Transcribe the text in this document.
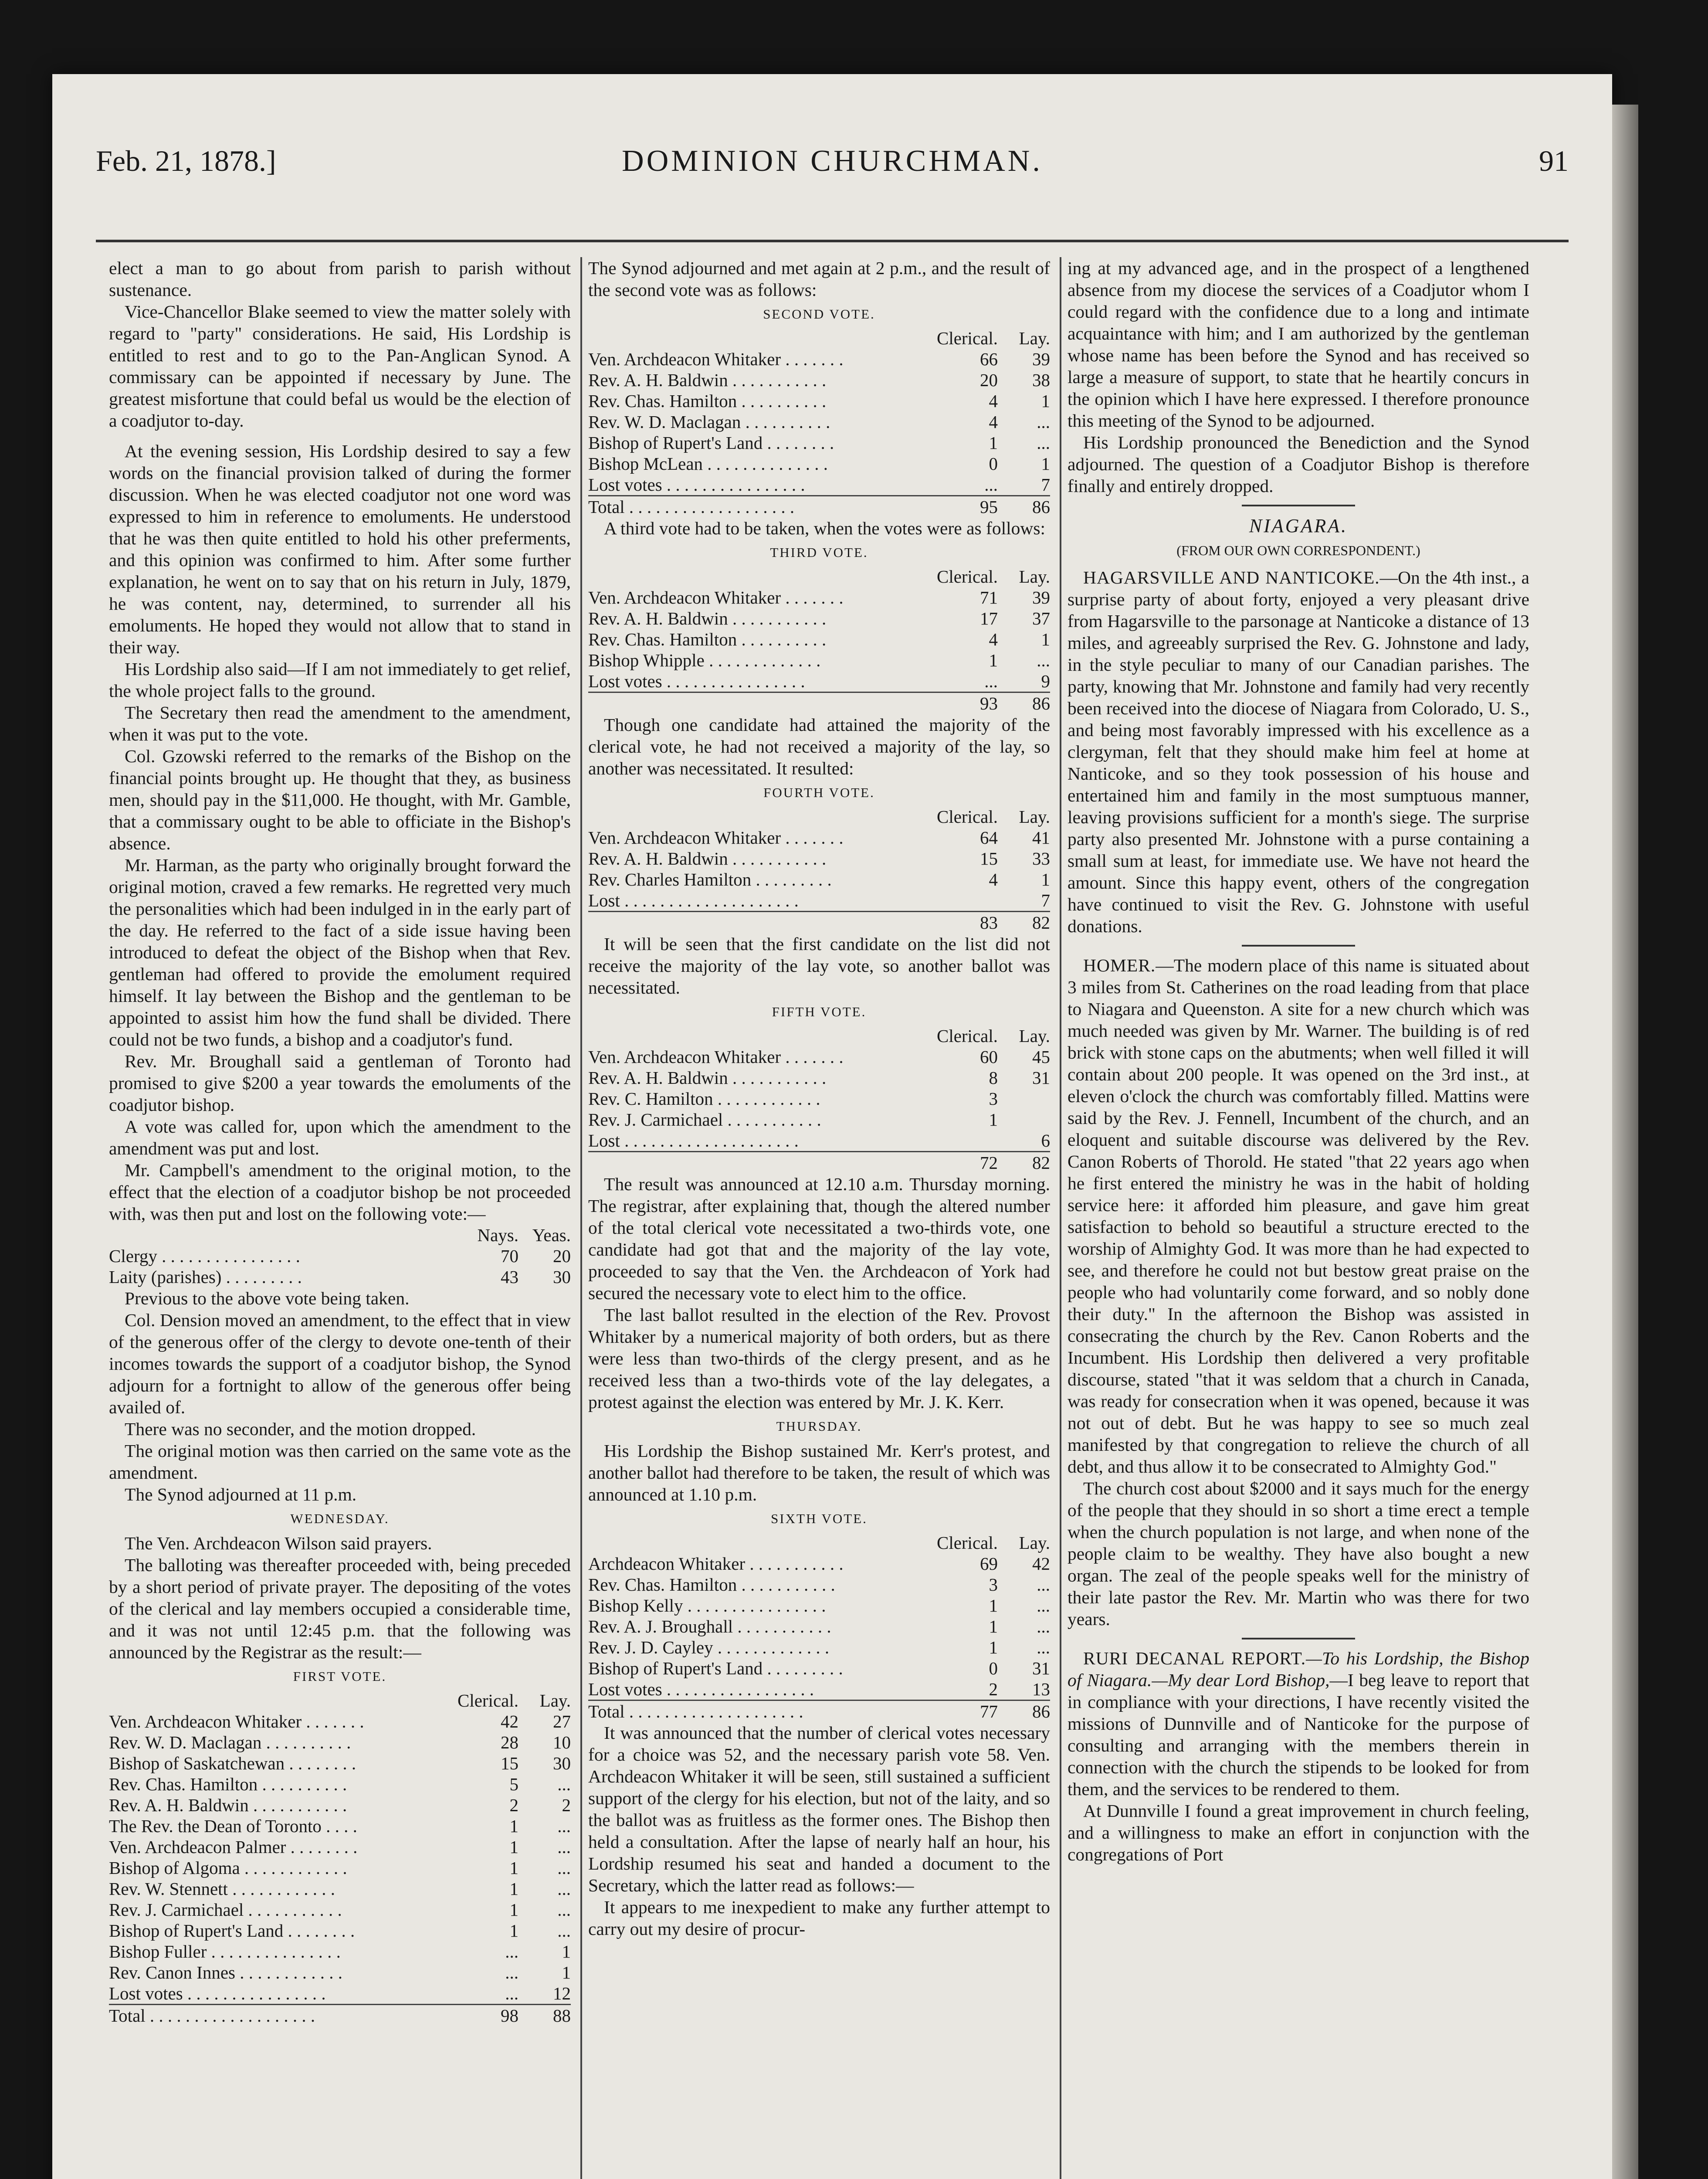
Feb. 21, 1878.]	DOMINION CHURCHMAN.	91

elect a man to go about from parish to parish without sustenance.

Vice-Chancellor Blake seemed to view the matter solely with regard to "party" considerations. He said, His Lordship is entitled to rest and to go to the Pan-Anglican Synod. A commissary can be appointed if necessary by June. The greatest misfortune that could befal us would be the election of a coadjutor to-day.

At the evening session, His Lordship desired to say a few words on the financial provision talked of during the former discussion. When he was elected coadjutor not one word was expressed to him in reference to emoluments. He understood that he was then quite entitled to hold his other preferments, and this opinion was confirmed to him. After some further explanation, he went on to say that on his return in July, 1879, he was content, nay, determined, to surrender all his emoluments. He hoped they would not allow that to stand in their way.

His Lordship also said—If I am not immediately to get relief, the whole project falls to the ground.

The Secretary then read the amendment to the amendment, when it was put to the vote.

Col. Gzowski referred to the remarks of the Bishop on the financial points brought up. He thought that they, as business men, should pay in the $11,000. He thought, with Mr. Gamble, that a commissary ought to be able to officiate in the Bishop's absence.

Mr. Harman, as the party who originally brought forward the original motion, craved a few remarks. He regretted very much the personalities which had been indulged in in the early part of the day. He referred to the fact of a side issue having been introduced to defeat the object of the Bishop when that Rev. gentleman had offered to provide the emolument required himself. It lay between the Bishop and the gentleman to be appointed to assist him how the fund shall be divided. There could not be two funds, a bishop and a coadjutor's fund.

Rev. Mr. Broughall said a gentleman of Toronto had promised to give $200 a year towards the emoluments of the coadjutor bishop.

A vote was called for, upon which the amendment to the amendment was put and lost.

Mr. Campbell's amendment to the original motion, to the effect that the election of a coadjutor bishop be not proceeded with, was then put and lost on the following vote:—

	Nays.	Yeas.
Clergy . . . . . . . . . . . . . . . .	70	20
Laity (parishes) . . . . . . . . .	43	30

Previous to the above vote being taken.

Col. Dension moved an amendment, to the effect that in view of the generous offer of the clergy to devote one-tenth of their incomes towards the support of a coadjutor bishop, the Synod adjourn for a fortnight to allow of the generous offer being availed of.

There was no seconder, and the motion dropped.

The original motion was then carried on the same vote as the amendment.

The Synod adjourned at 11 p.m.

WEDNESDAY.

The Ven. Archdeacon Wilson said prayers.

The balloting was thereafter proceeded with, being preceded by a short period of private prayer. The depositing of the votes of the clerical and lay members occupied a considerable time, and it was not until 12:45 p.m. that the following was announced by the Registrar as the result:—

FIRST VOTE.

	Clerical.	Lay.
Ven. Archdeacon Whitaker . . . . . . .	42	27
Rev. W. D. Maclagan . . . . . . . . . .	28	10
Bishop of Saskatchewan . . . . . . . .	15	30
Rev. Chas. Hamilton . . . . . . . . . .	5	...
Rev. A. H. Baldwin . . . . . . . . . . .	2	2
The Rev. the Dean of Toronto . . . .	1	...
Ven. Archdeacon Palmer . . . . . . . .	1	...
Bishop of Algoma . . . . . . . . . . . .	1	...
Rev. W. Stennett . . . . . . . . . . . .	1	...
Rev. J. Carmichael . . . . . . . . . . .	1	...
Bishop of Rupert's Land . . . . . . . .	1	...
Bishop Fuller . . . . . . . . . . . . . . .	...	1
Rev. Canon Innes . . . . . . . . . . . .	...	1
Lost votes . . . . . . . . . . . . . . . .	...	12
Total . . . . . . . . . . . . . . . . . . .	98	88

The Synod adjourned and met again at 2 p.m., and the result of the second vote was as follows:

SECOND VOTE.

	Clerical.	Lay.
Ven. Archdeacon Whitaker . . . . . . .	66	39
Rev. A. H. Baldwin . . . . . . . . . . .	20	38
Rev. Chas. Hamilton . . . . . . . . . .	4	1
Rev. W. D. Maclagan . . . . . . . . . .	4	...
Bishop of Rupert's Land . . . . . . . .	1	...
Bishop McLean . . . . . . . . . . . . . .	0	1
Lost votes . . . . . . . . . . . . . . . .	...	7
Total . . . . . . . . . . . . . . . . . . .	95	86

A third vote had to be taken, when the votes were as follows:

THIRD VOTE.

	Clerical.	Lay.
Ven. Archdeacon Whitaker . . . . . . .	71	39
Rev. A. H. Baldwin . . . . . . . . . . .	17	37
Rev. Chas. Hamilton . . . . . . . . . .	4	1
Bishop Whipple . . . . . . . . . . . . .	1	...
Lost votes . . . . . . . . . . . . . . . .	...	9
	93	86

Though one candidate had attained the majority of the clerical vote, he had not received a majority of the lay, so another was necessitated. It resulted:

FOURTH VOTE.

	Clerical.	Lay.
Ven. Archdeacon Whitaker . . . . . . .	64	41
Rev. A. H. Baldwin . . . . . . . . . . .	15	33
Rev. Charles Hamilton . . . . . . . . .	4	1
Lost . . . . . . . . . . . . . . . . . . . .		7
	83	82

It will be seen that the first candidate on the list did not receive the majority of the lay vote, so another ballot was necessitated.

FIFTH VOTE.

	Clerical.	Lay.
Ven. Archdeacon Whitaker . . . . . . .	60	45
Rev. A. H. Baldwin . . . . . . . . . . .	8	31
Rev. C. Hamilton . . . . . . . . . . . .	3	
Rev. J. Carmichael . . . . . . . . . . .	1	
Lost . . . . . . . . . . . . . . . . . . . .		6
	72	82

The result was announced at 12.10 a.m. Thursday morning. The registrar, after explaining that, though the altered number of the total clerical vote necessitated a two-thirds vote, one candidate had got that and the majority of the lay vote, proceeded to say that the Ven. the Archdeacon of York had secured the necessary vote to elect him to the office.

The last ballot resulted in the election of the Rev. Provost Whitaker by a numerical majority of both orders, but as there were less than two-thirds of the clergy present, and as he received less than a two-thirds vote of the lay delegates, a protest against the election was entered by Mr. J. K. Kerr.

THURSDAY.

His Lordship the Bishop sustained Mr. Kerr's protest, and another ballot had therefore to be taken, the result of which was announced at 1.10 p.m.

SIXTH VOTE.

	Clerical.	Lay.
Archdeacon Whitaker . . . . . . . . . . .	69	42
Rev. Chas. Hamilton . . . . . . . . . . .	3	...
Bishop Kelly . . . . . . . . . . . . . . . .	1	...
Rev. A. J. Broughall . . . . . . . . . . .	1	...
Rev. J. D. Cayley . . . . . . . . . . . . .	1	...
Bishop of Rupert's Land . . . . . . . . .	0	31
Lost votes . . . . . . . . . . . . . . . . .	2	13
Total . . . . . . . . . . . . . . . . . . . .	77	86

It was announced that the number of clerical votes necessary for a choice was 52, and the necessary parish vote 58. Ven. Archdeacon Whitaker it will be seen, still sustained a sufficient support of the clergy for his election, but not of the laity, and so the ballot was as fruitless as the former ones. The Bishop then held a consultation. After the lapse of nearly half an hour, his Lordship resumed his seat and handed a document to the Secretary, which the latter read as follows:—

It appears to me inexpedient to make any further attempt to carry out my desire of procur-

ing at my advanced age, and in the prospect of a lengthened absence from my diocese the services of a Coadjutor whom I could regard with the confidence due to a long and intimate acquaintance with him; and I am authorized by the gentleman whose name has been before the Synod and has received so large a measure of support, to state that he heartily concurs in the opinion which I have here expressed. I therefore pronounce this meeting of the Synod to be adjourned.

His Lordship pronounced the Benediction and the Synod adjourned. The question of a Coadjutor Bishop is therefore finally and entirely dropped.

NIAGARA.

(FROM OUR OWN CORRESPONDENT.)

HAGARSVILLE AND NANTICOKE.—On the 4th inst., a surprise party of about forty, enjoyed a very pleasant drive from Hagarsville to the parsonage at Nanticoke a distance of 13 miles, and agreeably surprised the Rev. G. Johnstone and lady, in the style peculiar to many of our Canadian parishes. The party, knowing that Mr. Johnstone and family had very recently been received into the diocese of Niagara from Colorado, U. S., and being most favorably impressed with his excellence as a clergyman, felt that they should make him feel at home at Nanticoke, and so they took possession of his house and entertained him and family in the most sumptuous manner, leaving provisions sufficient for a month's siege. The surprise party also presented Mr. Johnstone with a purse containing a small sum at least, for immediate use. We have not heard the amount. Since this happy event, others of the congregation have continued to visit the Rev. G. Johnstone with useful donations.

HOMER.—The modern place of this name is situated about 3 miles from St. Catherines on the road leading from that place to Niagara and Queenston. A site for a new church which was much needed was given by Mr. Warner. The building is of red brick with stone caps on the abutments; when well filled it will contain about 200 people. It was opened on the 3rd inst., at eleven o'clock the church was comfortably filled. Mattins were said by the Rev. J. Fennell, Incumbent of the church, and an eloquent and suitable discourse was delivered by the Rev. Canon Roberts of Thorold. He stated "that 22 years ago when he first entered the ministry he was in the habit of holding service here: it afforded him pleasure, and gave him great satisfaction to behold so beautiful a structure erected to the worship of Almighty God. It was more than he had expected to see, and therefore he could not but bestow great praise on the people who had voluntarily come forward, and so nobly done their duty." In the afternoon the Bishop was assisted in consecrating the church by the Rev. Canon Roberts and the Incumbent. His Lordship then delivered a very profitable discourse, stated "that it was seldom that a church in Canada, was ready for consecration when it was opened, because it was not out of debt. But he was happy to see so much zeal manifested by that congregation to relieve the church of all debt, and thus allow it to be consecrated to Almighty God."

The church cost about $2000 and it says much for the energy of the people that they should in so short a time erect a temple when the church population is not large, and when none of the people claim to be wealthy. They have also bought a new organ. The zeal of the people speaks well for the ministry of their late pastor the Rev. Mr. Martin who was there for two years.

RURI DECANAL REPORT.—To his Lordship, the Bishop of Niagara.—My dear Lord Bishop,—I beg leave to report that in compliance with your directions, I have recently visited the missions of Dunnville and of Nanticoke for the purpose of consulting and arranging with the members therein in connection with the church the stipends to be looked for from them, and the services to be rendered to them.

At Dunnville I found a great improvement in church feeling, and a willingness to make an effort in conjunction with the congregations of Port
